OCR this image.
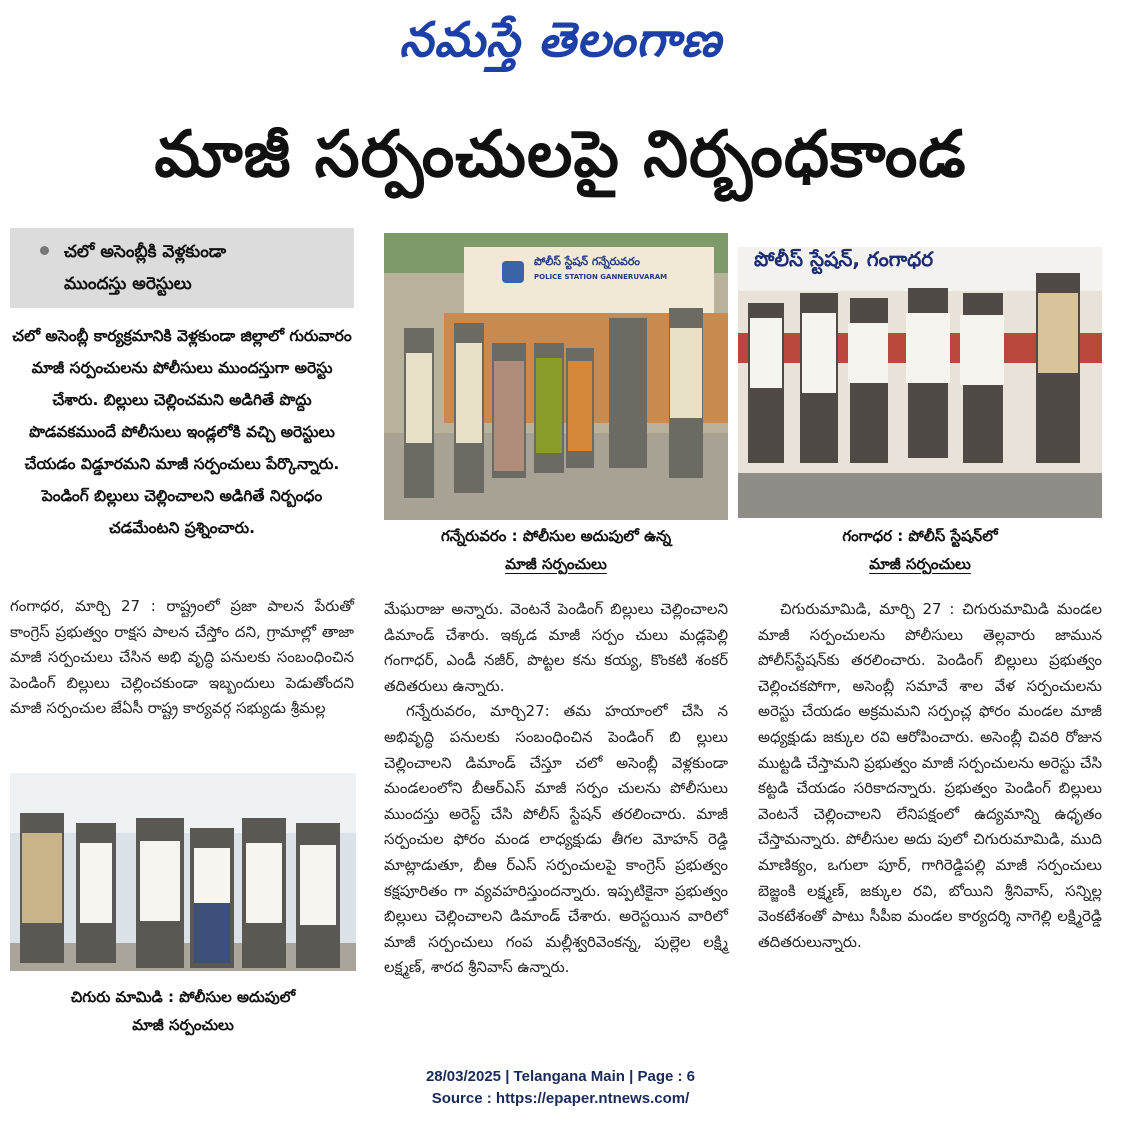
నమస్తే తెలంగాణ
మాజీ సర్పంచులపై నిర్బంధకాండ
చలో అసెంబ్లీకి వెళ్లకుండా
ముందస్తు అరెస్టులు
చలో అసెంబ్లీ కార్యక్రమానికి వెళ్లకుండా జిల్లాలో గురువారం మాజీ సర్పంచులను పోలీసులు ముందస్తుగా అరెస్టు చేశారు. బిల్లులు చెల్లించమని అడిగితే పొద్దు పొడవకముందే పోలీసులు ఇండ్లలోకి వచ్చి అరెస్టులు చేయడం విడ్డూరమని మాజీ సర్పంచులు పేర్కొన్నారు. పెండింగ్ బిల్లులు చెల్లించాలని అడిగితే నిర్బంధం చడమేంటని ప్రశ్నించారు.
పోలీస్ స్టేషన్ గన్నేరువరం
POLICE STATION GANNERUVARAM
పోలీస్ స్టేషన్, గంగాధర
గన్నేరువరం : పోలీసుల అదుపులో ఉన్న
మాజీ సర్పంచులు
గంగాధర : పోలీస్ స్టేషన్‌లో
మాజీ సర్పంచులు
గంగాధర, మార్చి 27 : రాష్ట్రంలో ప్రజా పాలన పేరుతో కాంగ్రెస్ ప్రభుత్వం రాక్షస పాలన చేస్తోం దని, గ్రామాల్లో తాజా మాజీ సర్పంచులు చేసిన అభి వృద్ధి పనులకు సంబంధించిన పెండింగ్ బిల్లులు చెల్లించకుండా ఇబ్బందులు పెడుతోందని మాజీ సర్పంచుల జేఏసీ రాష్ట్ర కార్యవర్గ సభ్యుడు శ్రీమల్ల
చిగురు మామిడి : పోలీసుల అదుపులో
మాజీ సర్పంచులు

మేఘరాజు అన్నారు. వెంటనే పెండింగ్ బిల్లులు చెల్లించాలని డిమాండ్ చేశారు. ఇక్కడ మాజీ సర్పం చులు మడ్లపెల్లి గంగాధర్, ఎండీ నజీర్, పొట్టల కను కయ్య, కొంకటి శంకర్ తదితరులు ఉన్నారు.

గన్నేరువరం, మార్చి27: తమ హయాంలో చేసి న అభివృద్ధి పనులకు సంబంధించిన పెండింగ్ బి ల్లులు చెల్లించాలని డిమాండ్ చేస్తూ చలో అసెంబ్లీ వెళ్లకుండా మండలంలోని బీఆర్ఎస్ మాజీ సర్పం చులను పోలీసులు ముందస్తు అరెస్ట్ చేసి పోలీస్ స్టేషన్ తరలించారు. మాజీ సర్పంచుల ఫోరం మండ లాధ్యక్షుడు తీగల మోహన్ రెడ్డి మాట్లాడుతూ, బీఆ ర్ఎస్ సర్పంచులపై కాంగ్రెస్ ప్రభుత్వం కక్షపూరితం గా వ్యవహరిస్తుందన్నారు. ఇప్పటికైనా ప్రభుత్వం బిల్లులు చెల్లించాలని డిమాండ్ చేశారు. అరెస్టయిన వారిలో మాజీ సర్పంచులు గంప మల్లీశ్వరివెంకన్న, పుల్లెల లక్ష్మి లక్ష్మణ్, శారద శ్రీనివాస్ ఉన్నారు.

చిగురుమామిడి, మార్చి 27 : చిగురుమామిడి మండల మాజీ సర్పంచులను పోలీసులు తెల్లవారు జామున పోలీస్‌స్టేషన్‌కు తరలించారు. పెండింగ్ బిల్లులు ప్రభుత్వం చెల్లించకపోగా, అసెంబ్లీ సమావే శాల వేళ సర్పంచులను అరెస్టు చేయడం అక్రమమని సర్పంచ్ల ఫోరం మండల మాజీ అధ్యక్షుడు జక్కుల రవి ఆరోపించారు. అసెంబ్లీ చివరి రోజున ముట్టడి చేస్తామని ప్రభుత్వం మాజీ సర్పంచులను అరెస్టు చేసి కట్టడి చేయడం సరికాదన్నారు. ప్రభుత్వం పెండింగ్ బిల్లులు వెంటనే చెల్లించాలని లేనిపక్షంలో ఉద్యమాన్ని ఉధృతం చేస్తామన్నారు. పోలీసుల అదు పులో చిగురుమామిడి, ముది మాణిక్యం, ఒగులా పూర్, గాగిరెడ్డిపల్లి మాజీ సర్పంచులు బెజ్జంకి లక్ష్మణ్, జక్కుల రవి, బోయిని శ్రీనివాస్, సన్నిల్ల వెంకటేశంతో పాటు సీపీఐ మండల కార్యదర్శి నాగెల్లి లక్ష్మిరెడ్డి తదితరులున్నారు.
28/03/2025 | Telangana Main | Page : 6
Source : https://epaper.ntnews.com/
